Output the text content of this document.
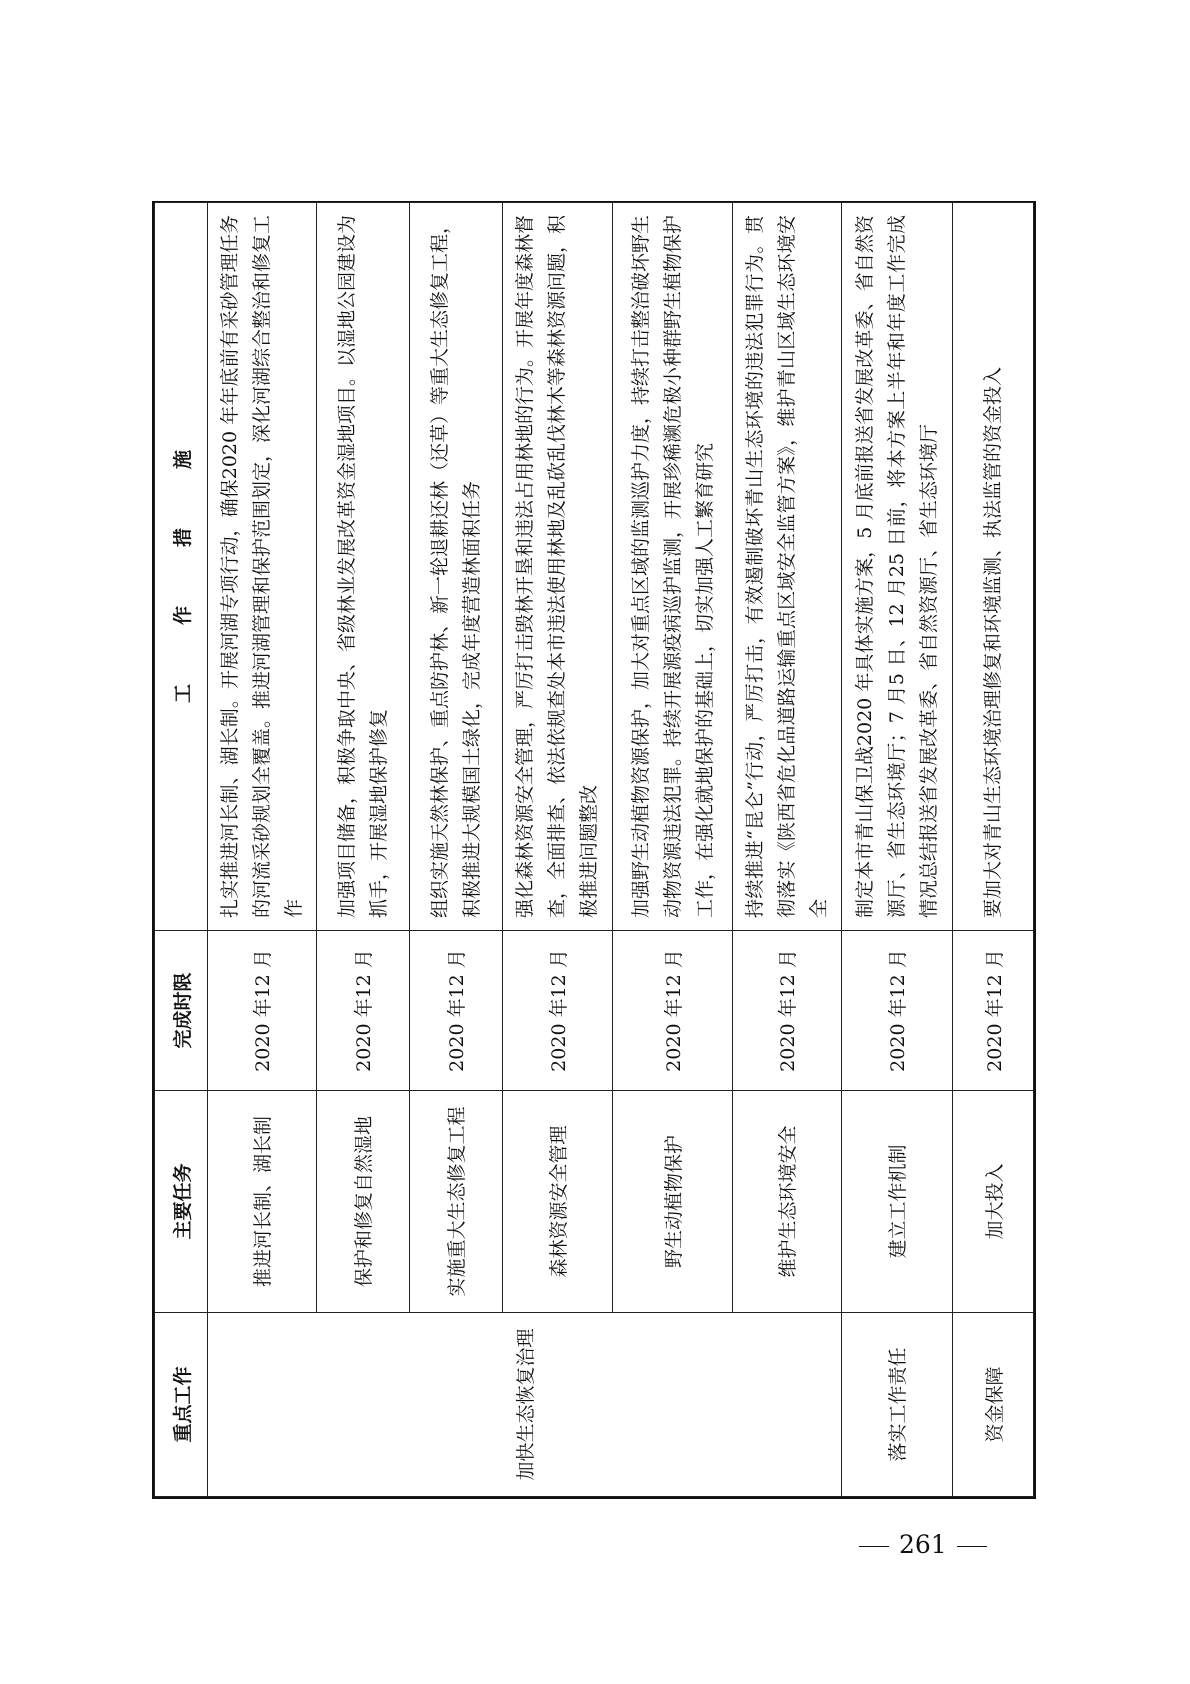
重点工作	主要任务	完成时限	工　作　措　施
加快生态恢复治理	推进河长制、湖长制	2020 年12 月	扎实推进河长制、湖长制。开展河湖专项行动，确保2020 年年底前有采砂管理任务的河流采砂规划全覆盖。推进河湖管理和保护范围划定，深化河湖综合整治和修复工作
	保护和修复自然湿地	2020 年12 月	加强项目储备，积极争取中央、省级林业发展改革资金湿地项目。以湿地公园建设为抓手，开展湿地保护修复
	实施重大生态修复工程	2020 年12 月	组织实施天然林保护、重点防护林、新一轮退耕还林（还草）等重大生态修复工程，积极推进大规模国土绿化，完成年度营造林面积任务
	森林资源安全管理	2020 年12 月	强化森林资源安全管理，严厉打击毁林开垦和违法占用林地的行为。开展年度森林督查，全面排查、依法依规查处本市违法使用林地及乱砍乱伐林木等森林资源问题，积极推进问题整改
	野生动植物保护	2020 年12 月	加强野生动植物资源保护，加大对重点区域的监测巡护力度，持续打击整治破坏野生动物资源违法犯罪。持续开展源疫病巡护监测，开展珍稀濒危极小种群野生植物保护工作，在强化就地保护的基础上，切实加强人工繁育研究
	维护生态环境安全	2020 年12 月	持续推进“昆仑”行动，严厉打击，有效遏制破坏青山生态环境的违法犯罪行为。贯彻落实《陕西省危化品道路运输重点区域安全监管方案》，维护青山区域生态环境安全
落实工作责任	建立工作机制	2020 年12 月	制定本市青山保卫战2020 年具体实施方案，5 月底前报送省发展改革委、省自然资源厅、省生态环境厅；7 月5 日、12 月25 日前，将本方案上半年和年度工作完成情况总结报送省发展改革委、省自然资源厅、省生态环境厅
资金保障	加大投入	2020 年12 月	要加大对青山生态环境治理修复和环境监测、执法监管的资金投入
261
